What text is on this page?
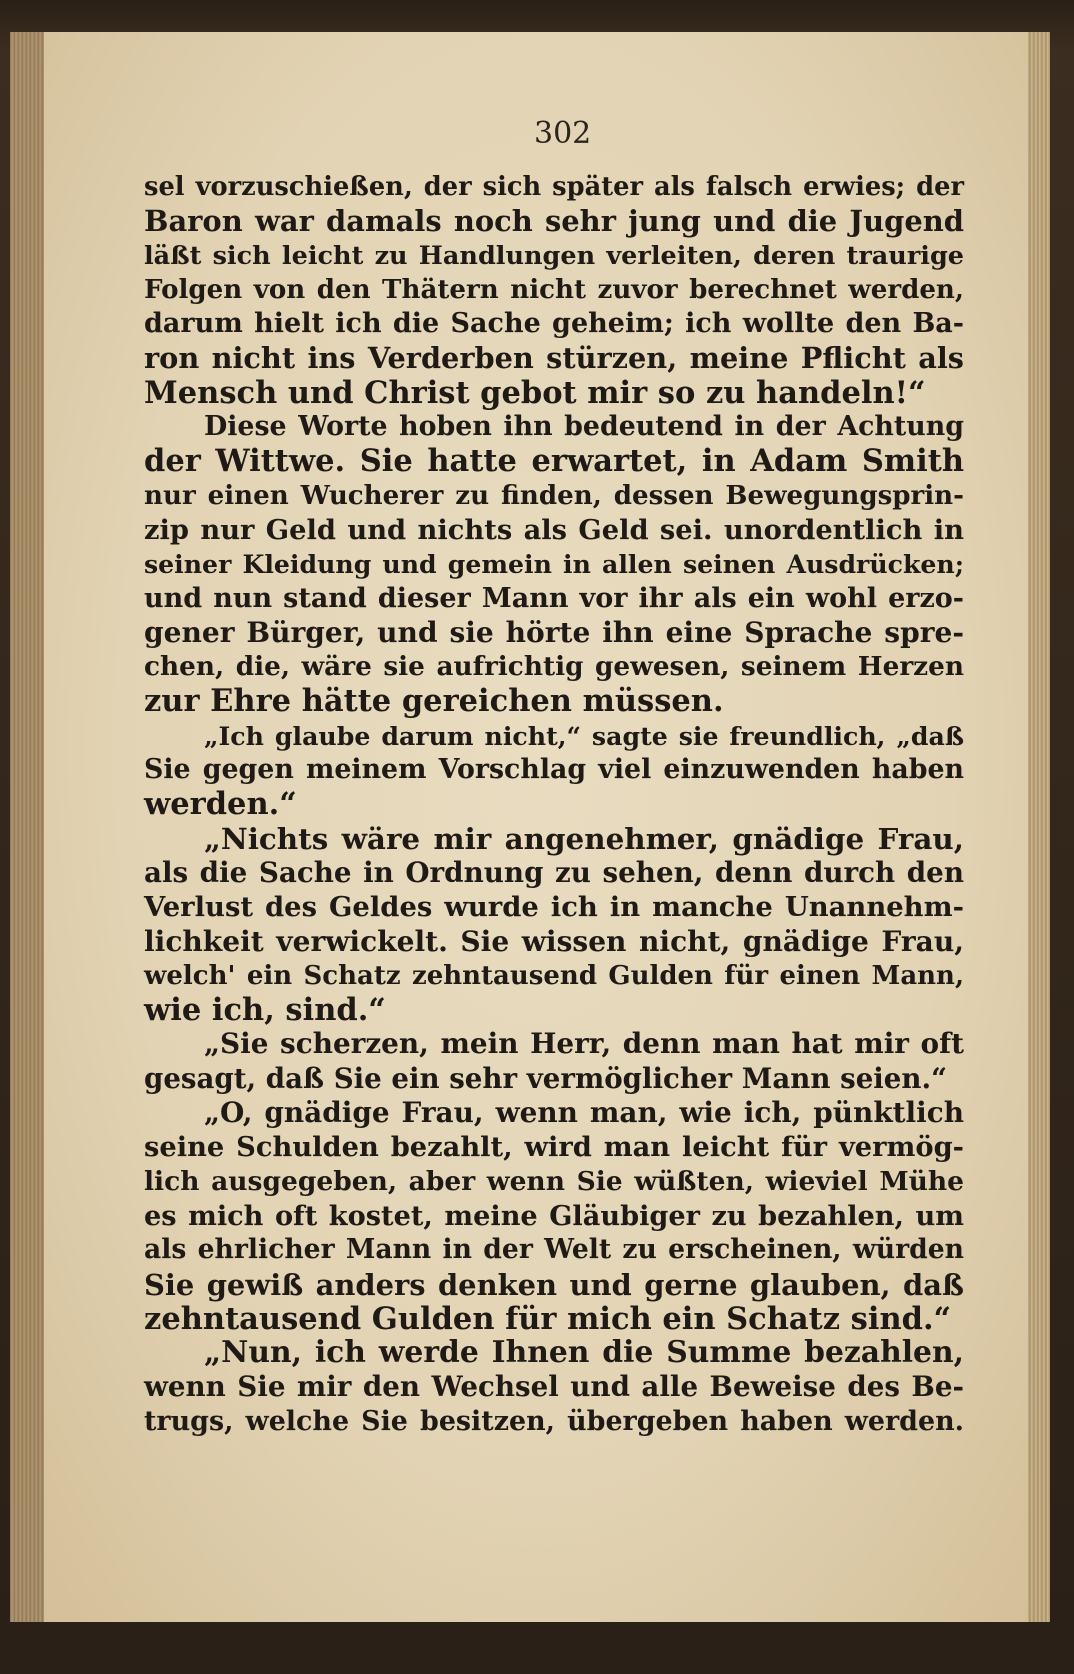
302
sel vorzuschießen, der sich später als falsch erwies; der
Baron war damals noch sehr jung und die Jugend
läßt sich leicht zu Handlungen verleiten, deren traurige
Folgen von den Thätern nicht zuvor berechnet werden,
darum hielt ich die Sache geheim; ich wollte den Ba-
ron nicht ins Verderben stürzen, meine Pflicht als
Mensch und Christ gebot mir so zu handeln!“
Diese Worte hoben ihn bedeutend in der Achtung
der Wittwe. Sie hatte erwartet, in Adam Smith
nur einen Wucherer zu finden, dessen Bewegungsprin-
zip nur Geld und nichts als Geld sei. unordentlich in
seiner Kleidung und gemein in allen seinen Ausdrücken;
und nun stand dieser Mann vor ihr als ein wohl erzo-
gener Bürger, und sie hörte ihn eine Sprache spre-
chen, die, wäre sie aufrichtig gewesen, seinem Herzen
zur Ehre hätte gereichen müssen.
„Ich glaube darum nicht,“ sagte sie freundlich, „daß
Sie gegen meinem Vorschlag viel einzuwenden haben
werden.“
„Nichts wäre mir angenehmer, gnädige Frau,
als die Sache in Ordnung zu sehen, denn durch den
Verlust des Geldes wurde ich in manche Unannehm-
lichkeit verwickelt. Sie wissen nicht, gnädige Frau,
welch' ein Schatz zehntausend Gulden für einen Mann,
wie ich, sind.“
„Sie scherzen, mein Herr, denn man hat mir oft
gesagt, daß Sie ein sehr vermöglicher Mann seien.“
„O, gnädige Frau, wenn man, wie ich, pünktlich
seine Schulden bezahlt, wird man leicht für vermög-
lich ausgegeben, aber wenn Sie wüßten, wieviel Mühe
es mich oft kostet, meine Gläubiger zu bezahlen, um
als ehrlicher Mann in der Welt zu erscheinen, würden
Sie gewiß anders denken und gerne glauben, daß
zehntausend Gulden für mich ein Schatz sind.“
„Nun, ich werde Ihnen die Summe bezahlen,
wenn Sie mir den Wechsel und alle Beweise des Be-
trugs, welche Sie besitzen, übergeben haben werden.
